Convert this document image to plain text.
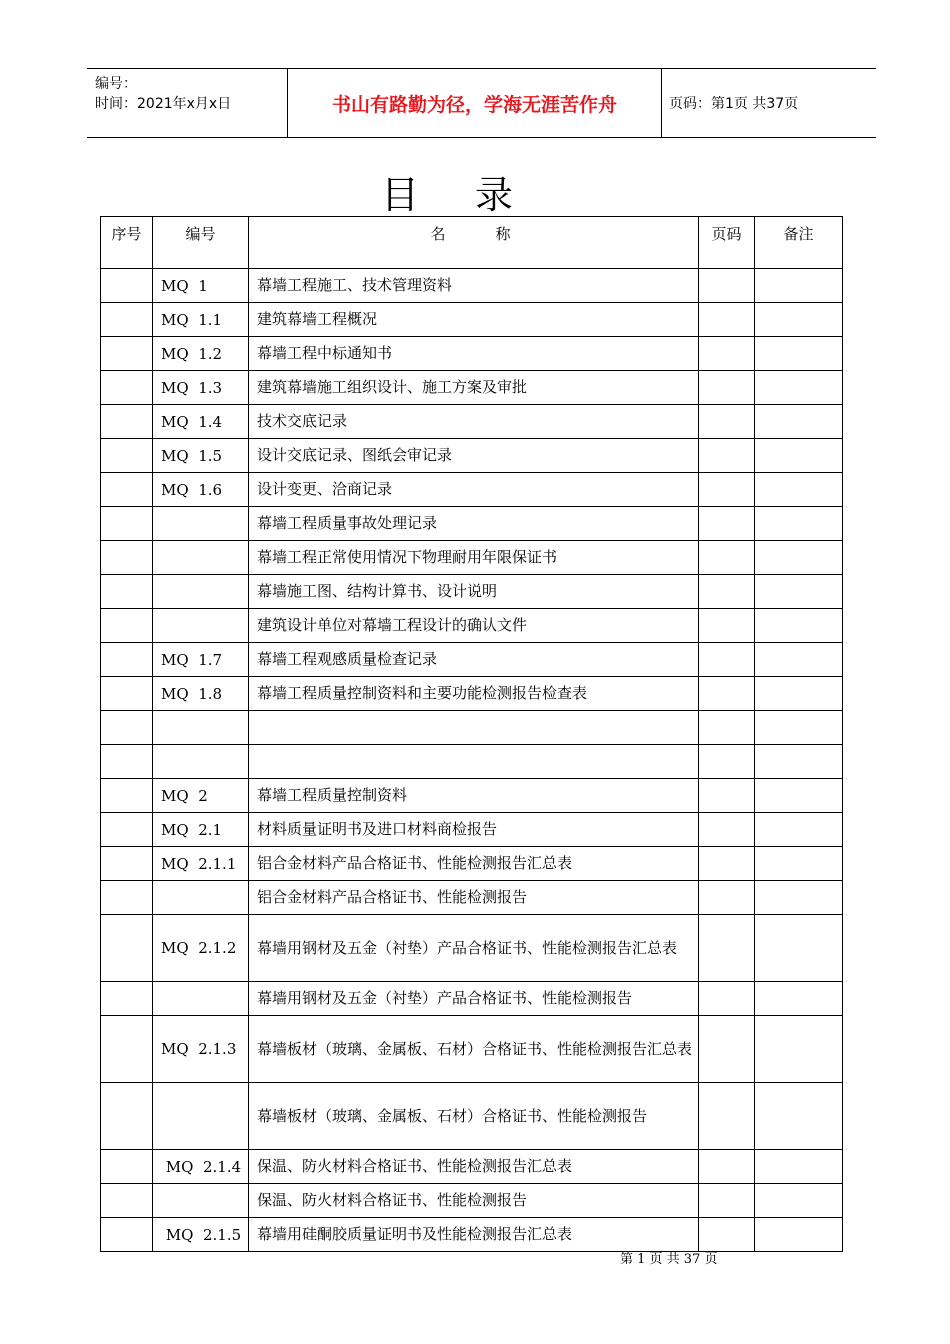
编号：
时间：2021年x月x日	书山有路勤为径，学海无涯苦作舟	页码：第1页 共37页
目录
序号	编号	名 称	页码	备注
	MQ  1	幕墙工程施工、技术管理资料		
	MQ  1.1	建筑幕墙工程概况		
	MQ  1.2	幕墙工程中标通知书		
	MQ  1.3	建筑幕墙施工组织设计、施工方案及审批		
	MQ  1.4	技术交底记录		
	MQ  1.5	设计交底记录、图纸会审记录		
	MQ  1.6	设计变更、洽商记录		
		幕墙工程质量事故处理记录		
		幕墙工程正常使用情况下物理耐用年限保证书		
		幕墙施工图、结构计算书、设计说明		
		建筑设计单位对幕墙工程设计的确认文件		
	MQ  1.7	幕墙工程观感质量检查记录		
	MQ  1.8	幕墙工程质量控制资料和主要功能检测报告检查表		

	MQ  2	幕墙工程质量控制资料		
	MQ  2.1	材料质量证明书及进口材料商检报告		
	MQ  2.1.1	铝合金材料产品合格证书、性能检测报告汇总表		
		铝合金材料产品合格证书、性能检测报告		
	MQ  2.1.2	幕墙用钢材及五金（衬垫）产品合格证书、性能检测报告汇总表		
		幕墙用钢材及五金（衬垫）产品合格证书、性能检测报告		
	MQ  2.1.3	幕墙板材（玻璃、金属板、石材）合格证书、性能检测报告汇总表		
		幕墙板材（玻璃、金属板、石材）合格证书、性能检测报告		
	MQ  2.1.4	保温、防火材料合格证书、性能检测报告汇总表		
		保温、防火材料合格证书、性能检测报告		
	MQ  2.1.5	幕墙用硅酮胶质量证明书及性能检测报告汇总表		
第 1 页 共 37 页
